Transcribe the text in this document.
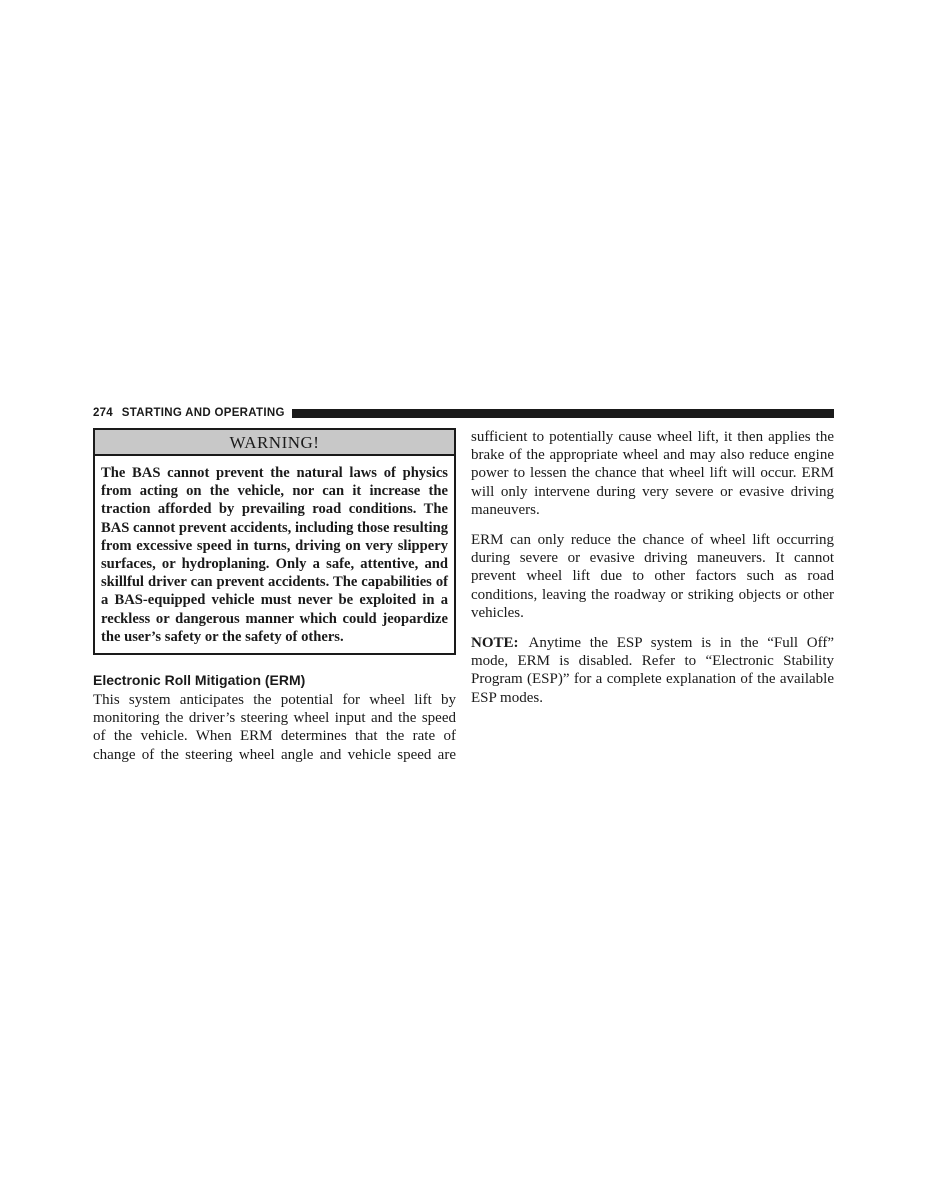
274 STARTING AND OPERATING
WARNING!
The BAS cannot prevent the natural laws of physics from acting on the vehicle, nor can it increase the traction afforded by prevailing road conditions. The BAS cannot prevent accidents, including those resulting from excessive speed in turns, driving on very slippery surfaces, or hydroplaning. Only a safe, attentive, and skillful driver can prevent accidents. The capabilities of a BAS-equipped vehicle must never be exploited in a reckless or dangerous manner which could jeopardize the user’s safety or the safety of others.
Electronic Roll Mitigation (ERM)

This system anticipates the potential for wheel lift by monitoring the driver’s steering wheel input and the speed of the vehicle. When ERM determines that the rate of change of the steering wheel angle and vehicle speed are

sufficient to potentially cause wheel lift, it then applies the brake of the appropriate wheel and may also reduce engine power to lessen the chance that wheel lift will occur. ERM will only intervene during very severe or evasive driving maneuvers.

ERM can only reduce the chance of wheel lift occurring during severe or evasive driving maneuvers. It cannot prevent wheel lift due to other factors such as road conditions, leaving the roadway or striking objects or other vehicles.

NOTE: Anytime the ESP system is in the “Full Off” mode, ERM is disabled. Refer to “Electronic Stability Program (ESP)” for a complete explanation of the available ESP modes.
